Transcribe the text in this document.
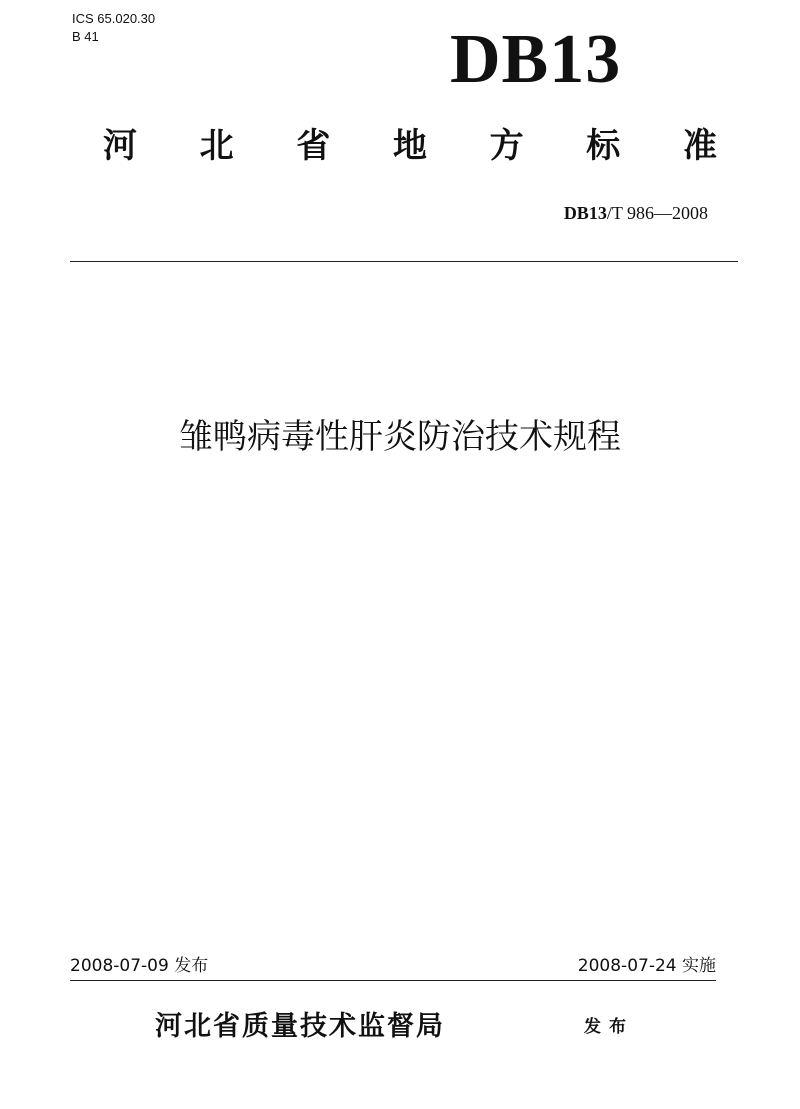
ICS 65.020.30
B 41	DB13
河 北 省 地 方 标 准
DB13/T 986—2008
雏鸭病毒性肝炎防治技术规程
2008-07-09 发布	2008-07-24 实施
河北省质量技术监督局	发布
